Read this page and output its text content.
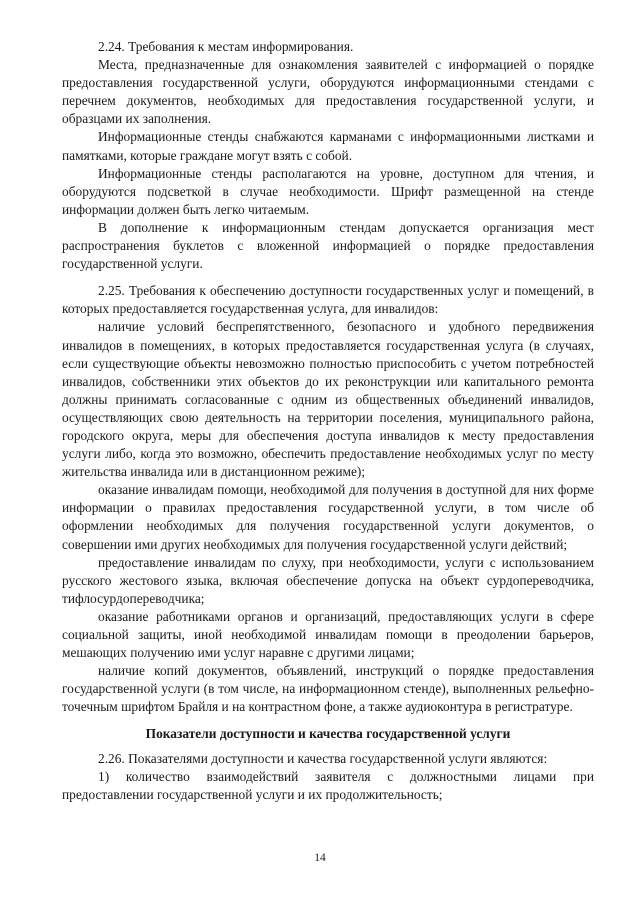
2.24. Требования к местам информирования.

Места, предназначенные для ознакомления заявителей с информацией о порядке предоставления государственной услуги, оборудуются информационными стендами с перечнем документов, необходимых для предоставления государственной услуги, и образцами их заполнения.

Информационные стенды снабжаются карманами с информационными листками и памятками, которые граждане могут взять с собой.

Информационные стенды располагаются на уровне, доступном для чтения, и оборудуются подсветкой в случае необходимости. Шрифт размещенной на стенде информации должен быть легко читаемым.

В дополнение к информационным стендам допускается организация мест распространения буклетов с вложенной информацией о порядке предоставления государственной услуги.

2.25. Требования к обеспечению доступности государственных услуг и помещений, в которых предоставляется государственная услуга, для инвалидов:

наличие условий беспрепятственного, безопасного и удобного передвижения инвалидов в помещениях, в которых предоставляется государственная услуга (в случаях, если существующие объекты невозможно полностью приспособить с учетом потребностей инвалидов, собственники этих объектов до их реконструкции или капитального ремонта должны принимать согласованные с одним из общественных объединений инвалидов, осуществляющих свою деятельность на территории поселения, муниципального района, городского округа, меры для обеспечения доступа инвалидов к месту предоставления услуги либо, когда это возможно, обеспечить предоставление необходимых услуг по месту жительства инвалида или в дистанционном режиме);

оказание инвалидам помощи, необходимой для получения в доступной для них форме информации о правилах предоставления государственной услуги, в том числе об оформлении необходимых для получения государственной услуги документов, о совершении ими других необходимых для получения государственной услуги действий;

предоставление инвалидам по слуху, при необходимости, услуги с использованием русского жестового языка, включая обеспечение допуска на объект сурдопереводчика, тифлосурдопереводчика;

оказание работниками органов и организаций, предоставляющих услуги в сфере социальной защиты, иной необходимой инвалидам помощи в преодолении барьеров, мешающих получению ими услуг наравне с другими лицами;

наличие копий документов, объявлений, инструкций о порядке предоставления государственной услуги (в том числе, на информационном стенде), выполненных рельефно-точечным шрифтом Брайля и на контрастном фоне, а также аудиоконтура в регистратуре.

Показатели доступности и качества государственной услуги

2.26. Показателями доступности и качества государственной услуги являются:

1) количество взаимодействий заявителя с должностными лицами при предоставлении государственной услуги и их продолжительность;

14
